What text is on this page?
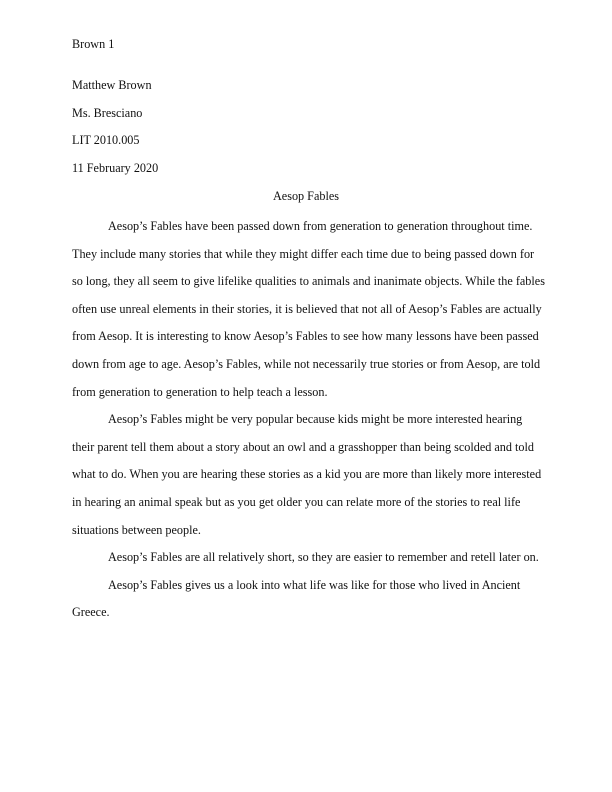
Brown 1
Matthew Brown
Ms. Bresciano
LIT 2010.005
11 February 2020
Aesop Fables

Aesop’s Fables have been passed down from generation to generation throughout time.
They include many stories that while they might differ each time due to being passed down for
so long, they all seem to give lifelike qualities to animals and inanimate objects. While the fables
often use unreal elements in their stories, it is believed that not all of Aesop’s Fables are actually
from Aesop. It is interesting to know Aesop’s Fables to see how many lessons have been passed
down from age to age. Aesop’s Fables, while not necessarily true stories or from Aesop, are told
from generation to generation to help teach a lesson.

Aesop’s Fables might be very popular because kids might be more interested hearing
their parent tell them about a story about an owl and a grasshopper than being scolded and told
what to do. When you are hearing these stories as a kid you are more than likely more interested
in hearing an animal speak but as you get older you can relate more of the stories to real life
situations between people.

Aesop’s Fables are all relatively short, so they are easier to remember and retell later on.

Aesop’s Fables gives us a look into what life was like for those who lived in Ancient
Greece.
